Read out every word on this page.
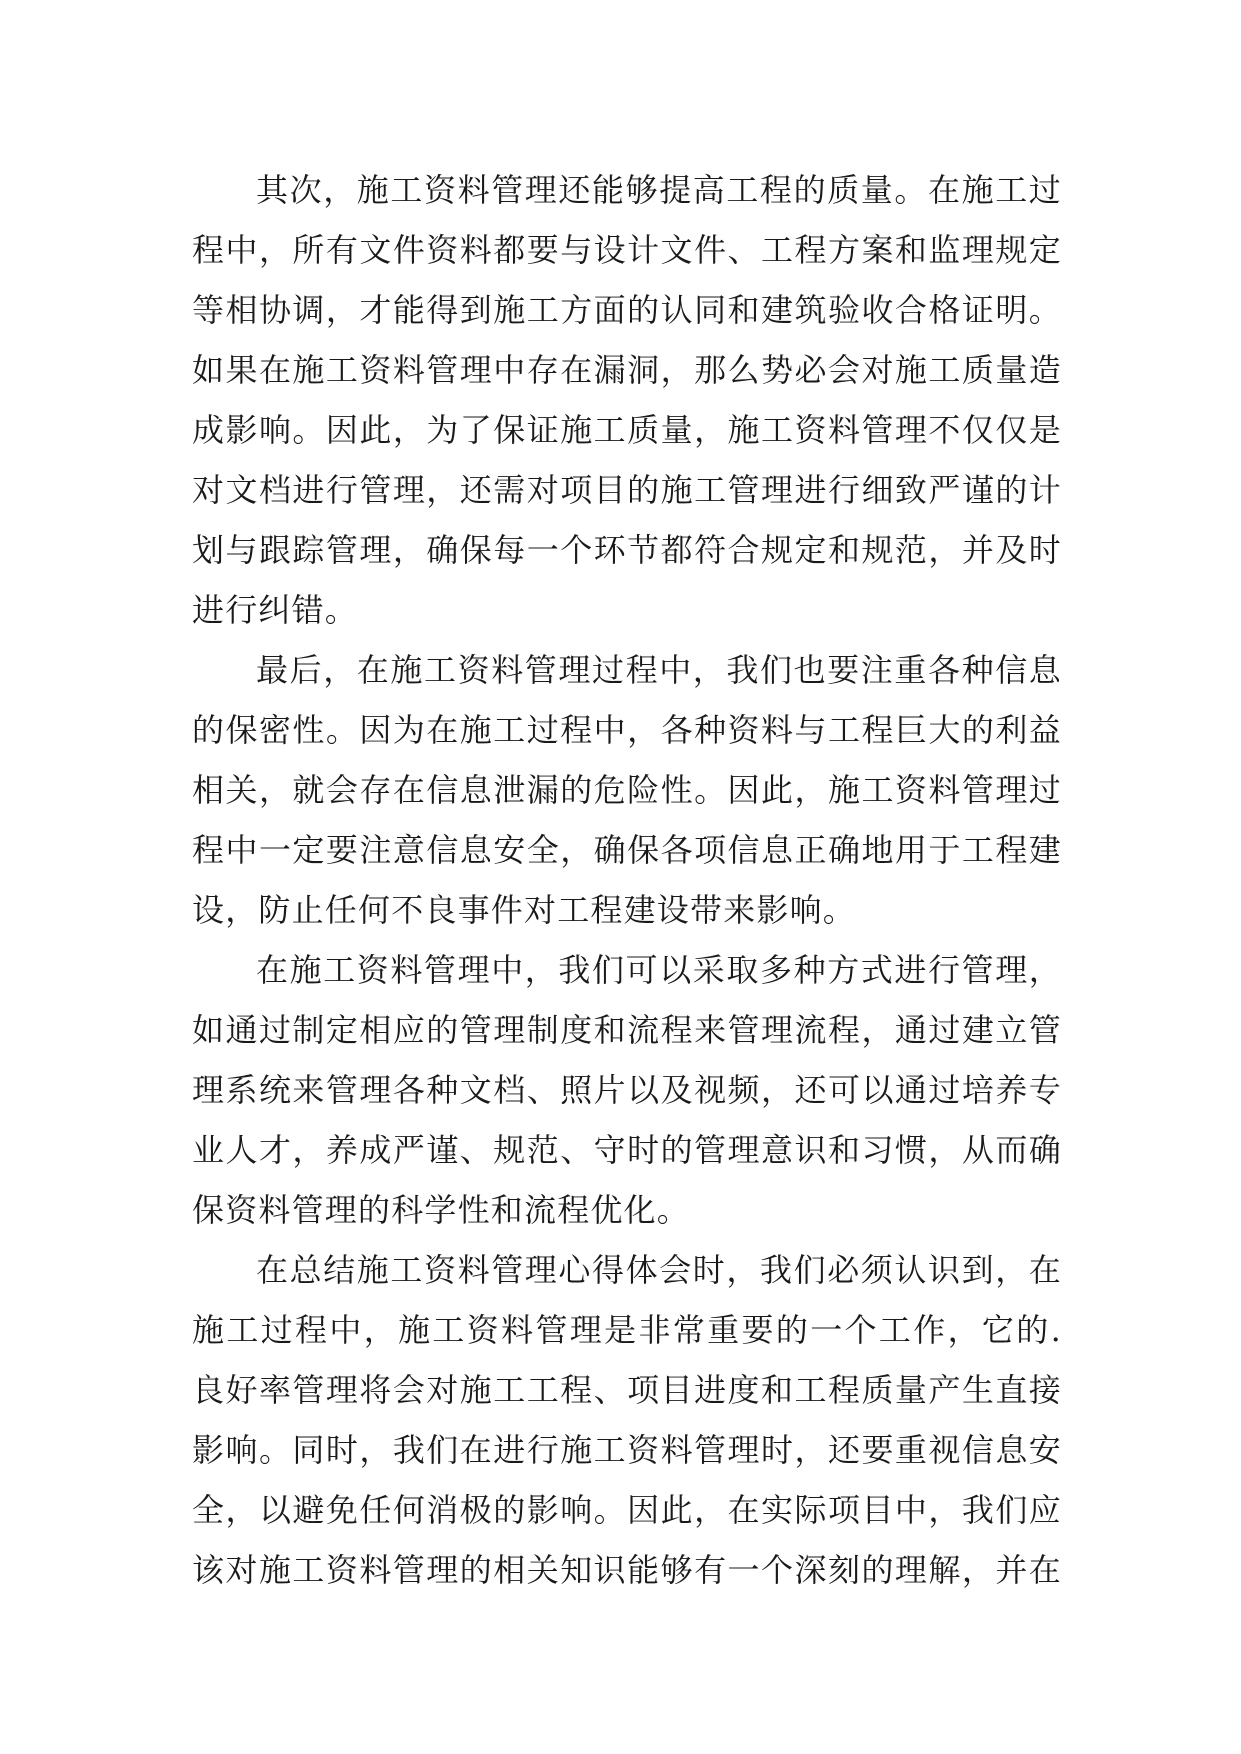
其次，施工资料管理还能够提高工程的质量。在施工过
程中，所有文件资料都要与设计文件、工程方案和监理规定
等相协调，才能得到施工方面的认同和建筑验收合格证明。
如果在施工资料管理中存在漏洞，那么势必会对施工质量造
成影响。因此，为了保证施工质量，施工资料管理不仅仅是
对文档进行管理，还需对项目的施工管理进行细致严谨的计
划与跟踪管理，确保每一个环节都符合规定和规范，并及时
进行纠错。
最后，在施工资料管理过程中，我们也要注重各种信息
的保密性。因为在施工过程中，各种资料与工程巨大的利益
相关，就会存在信息泄漏的危险性。因此，施工资料管理过
程中一定要注意信息安全，确保各项信息正确地用于工程建
设，防止任何不良事件对工程建设带来影响。
在施工资料管理中，我们可以采取多种方式进行管理，
如通过制定相应的管理制度和流程来管理流程，通过建立管
理系统来管理各种文档、照片以及视频，还可以通过培养专
业人才，养成严谨、规范、守时的管理意识和习惯，从而确
保资料管理的科学性和流程优化。
在总结施工资料管理心得体会时，我们必须认识到，在
施工过程中，施工资料管理是非常重要的一个工作，它的.
良好率管理将会对施工工程、项目进度和工程质量产生直接
影响。同时，我们在进行施工资料管理时，还要重视信息安
全，以避免任何消极的影响。因此，在实际项目中，我们应
该对施工资料管理的相关知识能够有一个深刻的理解，并在
